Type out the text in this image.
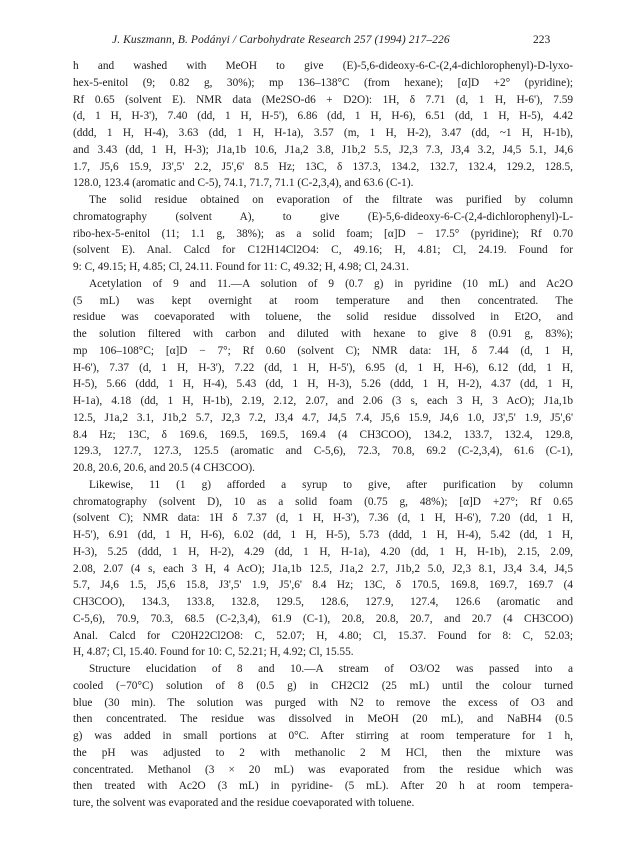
J. Kuszmann, B. Podányi / Carbohydrate Research 257 (1994) 217–226	223
h and washed with MeOH to give (E)-5,6-dideoxy-6-C-(2,4-dichlorophenyl)-D-lyxo-
hex-5-enitol (9; 0.82 g, 30%); mp 136–138°C (from hexane); [α]D +2° (pyridine);
Rf 0.65 (solvent E). NMR data (Me2SO-d6 + D2O): 1H, δ 7.71 (d, 1 H, H-6'), 7.59
(d, 1 H, H-3'), 7.40 (dd, 1 H, H-5'), 6.86 (dd, 1 H, H-6), 6.51 (dd, 1 H, H-5), 4.42
(ddd, 1 H, H-4), 3.63 (dd, 1 H, H-1a), 3.57 (m, 1 H, H-2), 3.47 (dd, ~1 H, H-1b),
and 3.43 (dd, 1 H, H-3); J1a,1b 10.6, J1a,2 3.8, J1b,2 5.5, J2,3 7.3, J3,4 3.2, J4,5 5.1, J4,6
1.7, J5,6 15.9, J3',5' 2.2, J5',6' 8.5 Hz; 13C, δ 137.3, 134.2, 132.7, 132.4, 129.2, 128.5,
128.0, 123.4 (aromatic and C-5), 74.1, 71.7, 71.1 (C-2,3,4), and 63.6 (C-1).
The solid residue obtained on evaporation of the filtrate was purified by column
chromatography (solvent A), to give (E)-5,6-dideoxy-6-C-(2,4-dichlorophenyl)-L-
ribo-hex-5-enitol (11; 1.1 g, 38%); as a solid foam; [α]D − 17.5° (pyridine); Rf 0.70
(solvent E). Anal. Calcd for C12H14Cl2O4: C, 49.16; H, 4.81; Cl, 24.19. Found for
9: C, 49.15; H, 4.85; Cl, 24.11. Found for 11: C, 49.32; H, 4.98; Cl, 24.31.
Acetylation of 9 and 11.—A solution of 9 (0.7 g) in pyridine (10 mL) and Ac2O
(5 mL) was kept overnight at room temperature and then concentrated. The
residue was coevaporated with toluene, the solid residue dissolved in Et2O, and
the solution filtered with carbon and diluted with hexane to give 8 (0.91 g, 83%);
mp 106–108°C; [α]D − 7°; Rf 0.60 (solvent C); NMR data: 1H, δ 7.44 (d, 1 H,
H-6'), 7.37 (d, 1 H, H-3'), 7.22 (dd, 1 H, H-5'), 6.95 (d, 1 H, H-6), 6.12 (dd, 1 H,
H-5), 5.66 (ddd, 1 H, H-4), 5.43 (dd, 1 H, H-3), 5.26 (ddd, 1 H, H-2), 4.37 (dd, 1 H,
H-1a), 4.18 (dd, 1 H, H-1b), 2.19, 2.12, 2.07, and 2.06 (3 s, each 3 H, 3 AcO); J1a,1b
12.5, J1a,2 3.1, J1b,2 5.7, J2,3 7.2, J3,4 4.7, J4,5 7.4, J5,6 15.9, J4,6 1.0, J3',5' 1.9, J5',6'
8.4 Hz; 13C, δ 169.6, 169.5, 169.5, 169.4 (4 CH3COO), 134.2, 133.7, 132.4, 129.8,
129.3, 127.7, 127.3, 125.5 (aromatic and C-5,6), 72.3, 70.8, 69.2 (C-2,3,4), 61.6 (C-1),
20.8, 20.6, 20.6, and 20.5 (4 CH3COO).
Likewise, 11 (1 g) afforded a syrup to give, after purification by column
chromatography (solvent D), 10 as a solid foam (0.75 g, 48%); [α]D +27°; Rf 0.65
(solvent C); NMR data: 1H δ 7.37 (d, 1 H, H-3'), 7.36 (d, 1 H, H-6'), 7.20 (dd, 1 H,
H-5'), 6.91 (dd, 1 H, H-6), 6.02 (dd, 1 H, H-5), 5.73 (ddd, 1 H, H-4), 5.42 (dd, 1 H,
H-3), 5.25 (ddd, 1 H, H-2), 4.29 (dd, 1 H, H-1a), 4.20 (dd, 1 H, H-1b), 2.15, 2.09,
2.08, 2.07 (4 s, each 3 H, 4 AcO); J1a,1b 12.5, J1a,2 2.7, J1b,2 5.0, J2,3 8.1, J3,4 3.4, J4,5
5.7, J4,6 1.5, J5,6 15.8, J3',5' 1.9, J5',6' 8.4 Hz; 13C, δ 170.5, 169.8, 169.7, 169.7 (4
CH3COO), 134.3, 133.8, 132.8, 129.5, 128.6, 127.9, 127.4, 126.6 (aromatic and
C-5,6), 70.9, 70.3, 68.5 (C-2,3,4), 61.9 (C-1), 20.8, 20.8, 20.7, and 20.7 (4 CH3COO)
Anal. Calcd for C20H22Cl2O8: C, 52.07; H, 4.80; Cl, 15.37. Found for 8: C, 52.03;
H, 4.87; Cl, 15.40. Found for 10: C, 52.21; H, 4.92; Cl, 15.55.
Structure elucidation of 8 and 10.—A stream of O3/O2 was passed into a
cooled (−70°C) solution of 8 (0.5 g) in CH2Cl2 (25 mL) until the colour turned
blue (30 min). The solution was purged with N2 to remove the excess of O3 and
then concentrated. The residue was dissolved in MeOH (20 mL), and NaBH4 (0.5
g) was added in small portions at 0°C. After stirring at room temperature for 1 h,
the pH was adjusted to 2 with methanolic 2 M HCl, then the mixture was
concentrated. Methanol (3 × 20 mL) was evaporated from the residue which was
then treated with Ac2O (3 mL) in pyridine- (5 mL). After 20 h at room tempera-
ture, the solvent was evaporated and the residue coevaporated with toluene.
